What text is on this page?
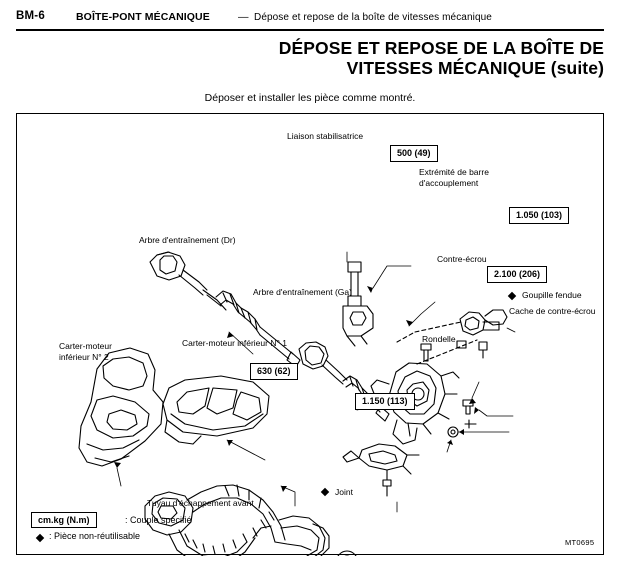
BM-6	BOÎTE-PONT MÉCANIQUE	— Dépose et repose de la boîte de vitesses mécanique
DÉPOSE ET REPOSE DE LA BOÎTE DE
VITESSES MÉCANIQUE (suite)
Déposer et installer les pièce comme montré.
Liaison stabilisatrice
Extrémité de barre
d'accouplement
Arbre d'entraînement (Dr)
Arbre d'entraînement (Ga)
Contre-écrou
Goupille fendue
Cache de contre-écrou
Rondelle
Carter-moteur inférieur N° 1
Carter-moteur
inférieur N° 2
Tuyau d'échappement avant
Joint
500 (49)
1.050 (103)
2.100 (206)
630 (62)
1.150 (113)
cm.kg (N.m)	: Couple spécifié
: Pièce non-réutilisable
MT0695
